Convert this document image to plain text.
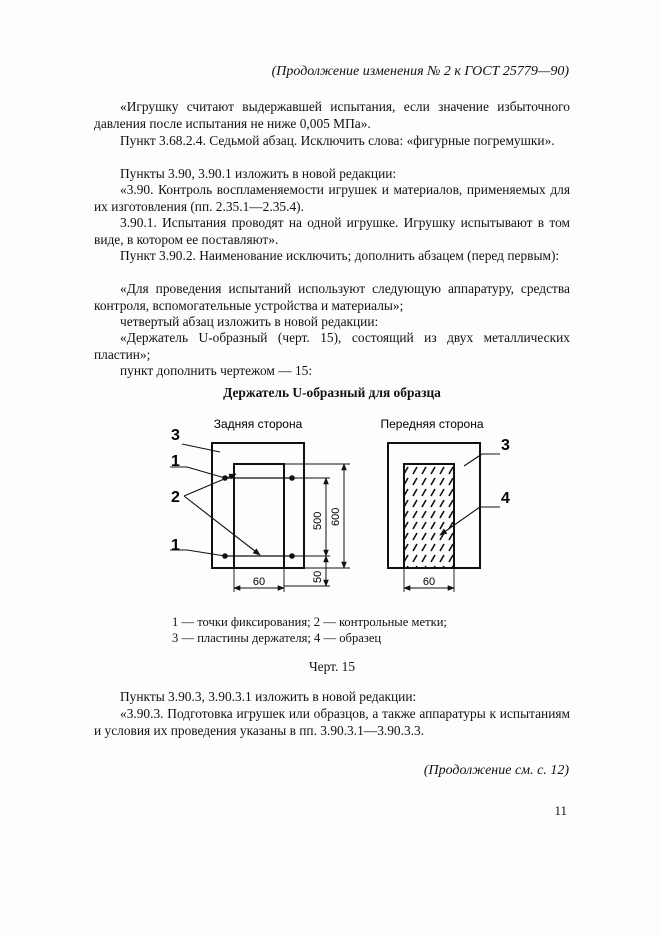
(Продолжение изменения № 2 к ГОСТ 25779—90)
«Игрушку считают выдержавшей испытания, если значение избыточного давления после испытания не ниже 0,005 МПа».
Пункт 3.68.2.4. Седьмой абзац. Исключить слова: «фигурные погремушки».
Пункты 3.90, 3.90.1 изложить в новой редакции:
«3.90. Контроль воспламеняемости игрушек и материалов, применяемых для их изготовления (пп. 2.35.1—2.35.4).
3.90.1. Испытания проводят на одной игрушке. Игрушку испытывают в том виде, в котором ее поставляют».
Пункт 3.90.2. Наименование исключить; дополнить абзацем (перед первым):
«Для проведения испытаний используют следующую аппаратуру, средства контроля, вспомогательные устройства и материалы»;
четвертый абзац изложить в новой редакции:
«Держатель U-образный (черт. 15), состоящий из двух металлических пластин»;
пункт дополнить чертежом — 15:
Держатель U-образный для образца
Задняя сторона
3
1
2
1
500 600
50
60
Передняя сторона
3
4
60
1 — точки фиксирования; 2 — контрольные метки;
3 — пластины держателя; 4 — образец
Черт. 15
Пункты 3.90.3, 3.90.3.1 изложить в новой редакции:
«3.90.3. Подготовка игрушек или образцов, а также аппаратуры к испытаниям и условия их проведения указаны в пп. 3.90.3.1—3.90.3.3.
(Продолжение см. с. 12)
11
